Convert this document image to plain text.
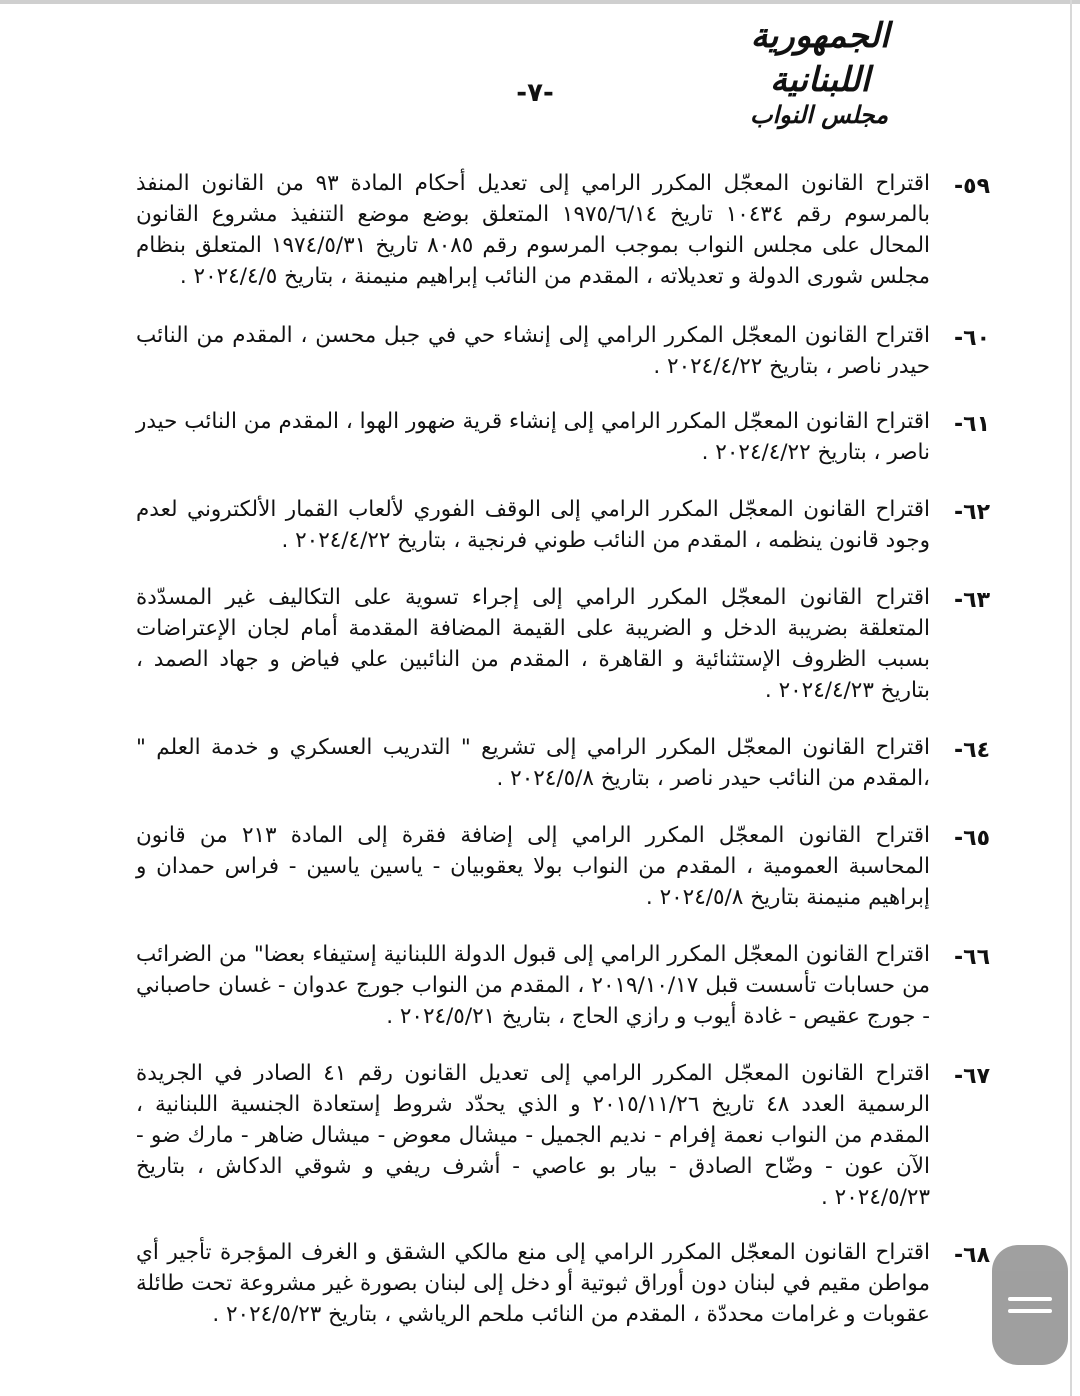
الجمهورية اللبنانية
مجلس النواب
-٧-
٥٩-
اقتراح القانون المعجّل المكرر الرامي إلى تعديل أحكام المادة ٩٣ من القانون المنفذ بالمرسوم رقم ١٠٤٣٤ تاريخ ١٩٧٥/٦/١٤ المتعلق بوضع موضع التنفيذ مشروع القانون المحال على مجلس النواب بموجب المرسوم رقم ٨٠٨٥ تاريخ ١٩٧٤/٥/٣١ المتعلق بنظام مجلس شورى الدولة و تعديلاته ، المقدم من النائب إبراهيم منيمنة ، بتاريخ ٢٠٢٤/٤/٥ .
٦٠-
اقتراح القانون المعجّل المكرر الرامي إلى إنشاء حي في جبل محسن ، المقدم من النائب حيدر ناصر ، بتاريخ ٢٠٢٤/٤/٢٢ .
٦١-
اقتراح القانون المعجّل المكرر الرامي إلى إنشاء قرية ضهور الهوا ، المقدم من النائب حيدر ناصر ، بتاريخ ٢٠٢٤/٤/٢٢ .
٦٢-
اقتراح القانون المعجّل المكرر الرامي إلى الوقف الفوري لألعاب القمار الألكتروني لعدم وجود قانون ينظمه ، المقدم من النائب طوني فرنجية ، بتاريخ ٢٠٢٤/٤/٢٢ .
٦٣-
اقتراح القانون المعجّل المكرر الرامي إلى إجراء تسوية على التكاليف غير المسدّدة المتعلقة بضريبة الدخل و الضريبة على القيمة المضافة المقدمة أمام لجان الإعتراضات بسبب الظروف الإستثنائية و القاهرة ، المقدم من النائبين علي فياض و جهاد الصمد ، بتاريخ ٢٠٢٤/٤/٢٣ .
٦٤-
اقتراح القانون المعجّل المكرر الرامي إلى تشريع " التدريب العسكري و خدمة العلم " ،المقدم من النائب حيدر ناصر ، بتاريخ ٢٠٢٤/٥/٨ .
٦٥-
اقتراح القانون المعجّل المكرر الرامي إلى إضافة فقرة إلى المادة ٢١٣ من قانون المحاسبة العمومية ، المقدم من النواب بولا يعقوبيان - ياسين ياسين - فراس حمدان و إبراهيم منيمنة بتاريخ ٢٠٢٤/٥/٨ .
٦٦-
اقتراح القانون المعجّل المكرر الرامي إلى قبول الدولة اللبنانية إستيفاء بعضا" من الضرائب من حسابات تأسست قبل ٢٠١٩/١٠/١٧ ، المقدم من النواب جورج عدوان - غسان حاصباني - جورج عقيص - غادة أيوب و رازي الحاج ، بتاريخ ٢٠٢٤/٥/٢١ .
٦٧-
اقتراح القانون المعجّل المكرر الرامي إلى تعديل القانون رقم ٤١ الصادر في الجريدة الرسمية العدد ٤٨ تاريخ ٢٠١٥/١١/٢٦ و الذي يحدّد شروط إستعادة الجنسية اللبنانية ، المقدم من النواب نعمة إفرام - نديم الجميل - ميشال معوض - ميشال ضاهر - مارك ضو - الآن عون - وضّاح الصادق - بيار بو عاصي - أشرف ريفي و شوقي الدكاش ، بتاريخ ٢٠٢٤/٥/٢٣ .
٦٨-
اقتراح القانون المعجّل المكرر الرامي إلى منع مالكي الشقق و الغرف المؤجرة تأجير أي مواطن مقيم في لبنان دون أوراق ثبوتية أو دخل إلى لبنان بصورة غير مشروعة تحت طائلة عقوبات و غرامات محددّة ، المقدم من النائب ملحم الرياشي ، بتاريخ ٢٠٢٤/٥/٢٣ .
